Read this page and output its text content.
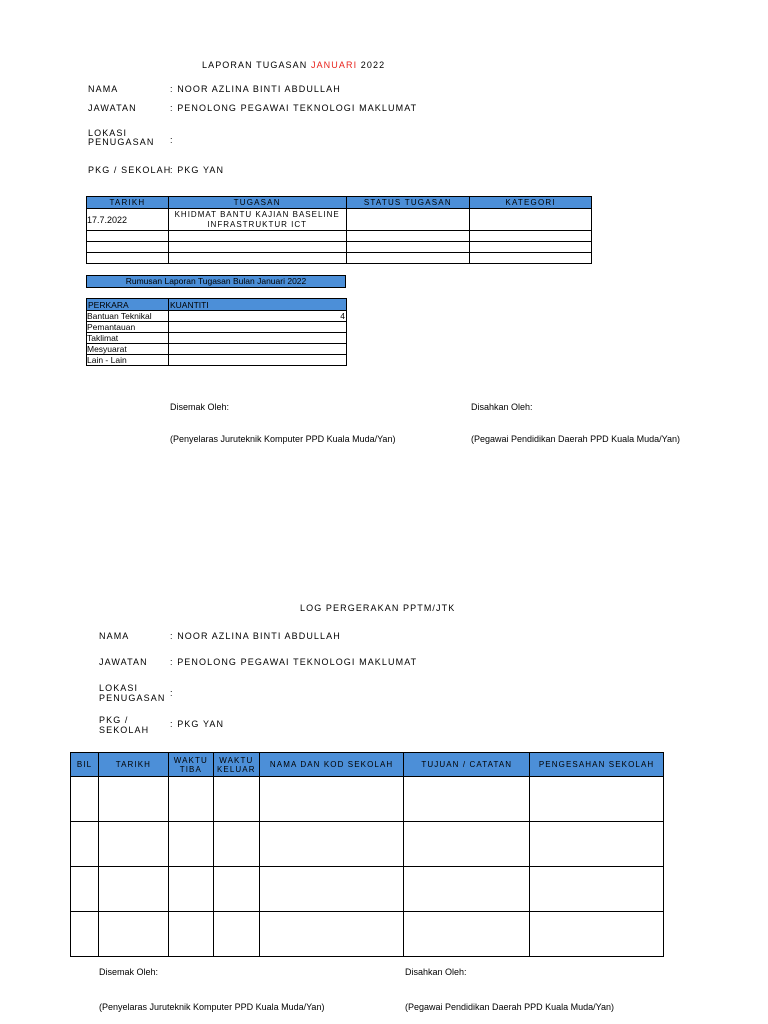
LAPORAN TUGASAN JANUARI 2022
NAMA	: NOOR AZLINA BINTI ABDULLAH
JAWATAN	: PENOLONG PEGAWAI TEKNOLOGI MAKLUMAT
LOKASI PENUGASAN :
PKG / SEKOLAH
: PKG YAN
TARIKH	TUGASAN	STATUS TUGASAN	KATEGORI
17.7.2022	KHIDMAT BANTU KAJIAN BASELINE INFRASTRUKTUR ICT		

Rumusan Laporan Tugasan Bulan Januari 2022
PERKARA	KUANTITI
Bantuan Teknikal	4
Pemantauan	
Taklimat	
Mesyuarat	
Lain - Lain	
Disemak Oleh:	Disahkan Oleh:
(Penyelaras Juruteknik Komputer PPD Kuala Muda/Yan)	(Pegawai Pendidikan Daerah PPD Kuala Muda/Yan)
LOG PERGERAKAN PPTM/JTK
NAMA	: NOOR AZLINA BINTI ABDULLAH
JAWATAN : PENOLONG PEGAWAI TEKNOLOGI MAKLUMAT
LOKASI PENUGASAN :
PKG / SEKOLAH
: PKG YAN
BIL	TARIKH	WAKTU TIBA	WAKTU KELUAR	NAMA DAN KOD SEKOLAH	TUJUAN / CATATAN	PENGESAHAN SEKOLAH

Disemak Oleh:	Disahkan Oleh:
(Penyelaras Juruteknik Komputer PPD Kuala Muda/Yan)	(Pegawai Pendidikan Daerah PPD Kuala Muda/Yan)
